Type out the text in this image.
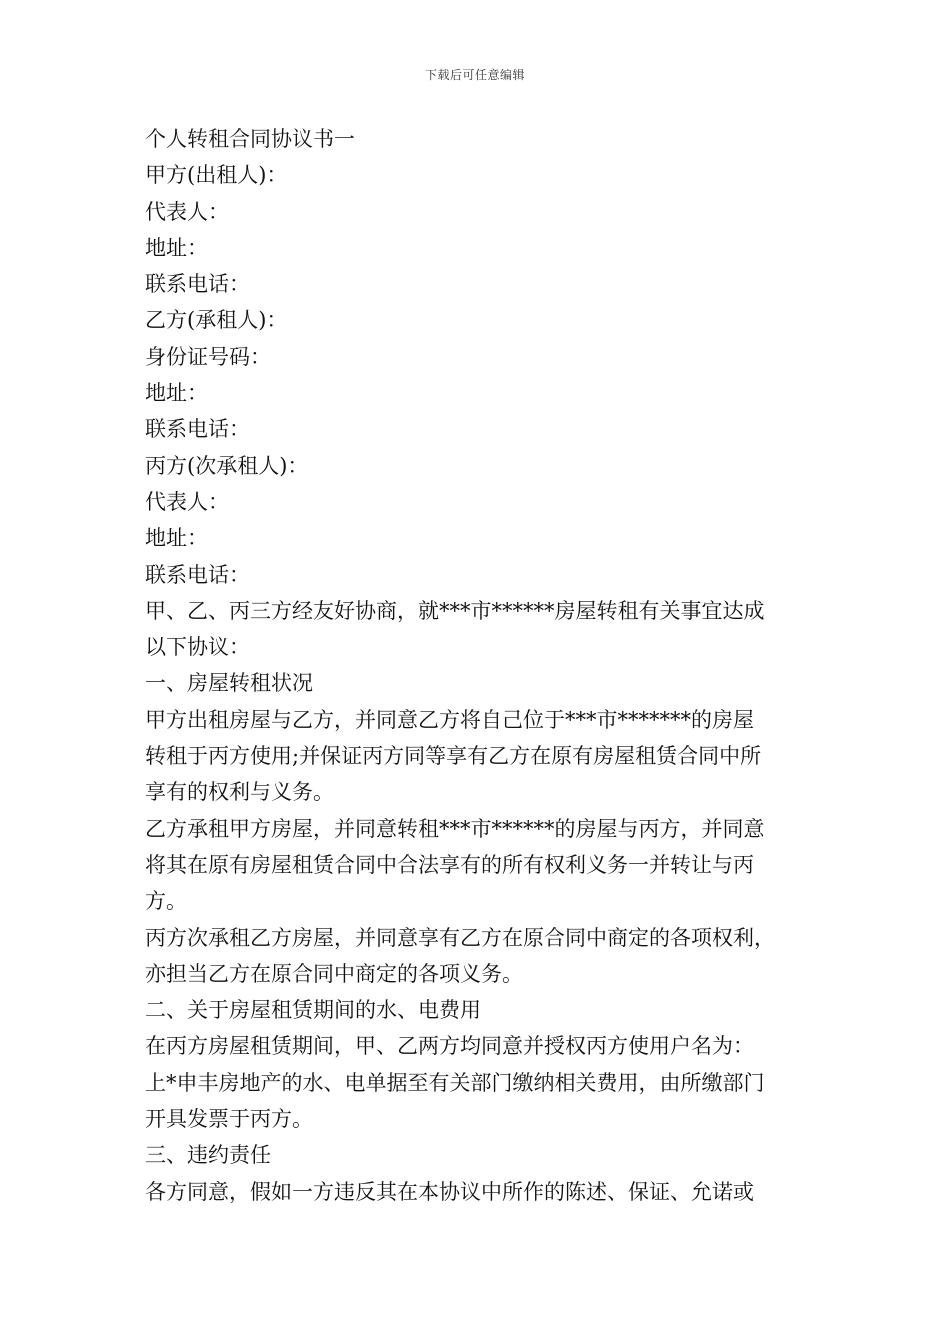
下载后可任意编辑
个人转租合同协议书一
甲方(出租人)：
代表人：
地址：
联系电话：
乙方(承租人)：
身份证号码：
地址：
联系电话：
丙方(次承租人)：
代表人：
地址：
联系电话：
甲、乙、丙三方经友好协商，就***市******房屋转租有关事宜达成
以下协议：
一、房屋转租状况
甲方出租房屋与乙方，并同意乙方将自己位于***市*******的房屋
转租于丙方使用;并保证丙方同等享有乙方在原有房屋租赁合同中所
享有的权利与义务。
乙方承租甲方房屋，并同意转租***市******的房屋与丙方，并同意
将其在原有房屋租赁合同中合法享有的所有权利义务一并转让与丙
方。
丙方次承租乙方房屋，并同意享有乙方在原合同中商定的各项权利，
亦担当乙方在原合同中商定的各项义务。
二、关于房屋租赁期间的水、电费用
在丙方房屋租赁期间，甲、乙两方均同意并授权丙方使用户名为：
上*申丰房地产的水、电单据至有关部门缴纳相关费用，由所缴部门
开具发票于丙方。
三、违约责任
各方同意，假如一方违反其在本协议中所作的陈述、保证、允诺或
